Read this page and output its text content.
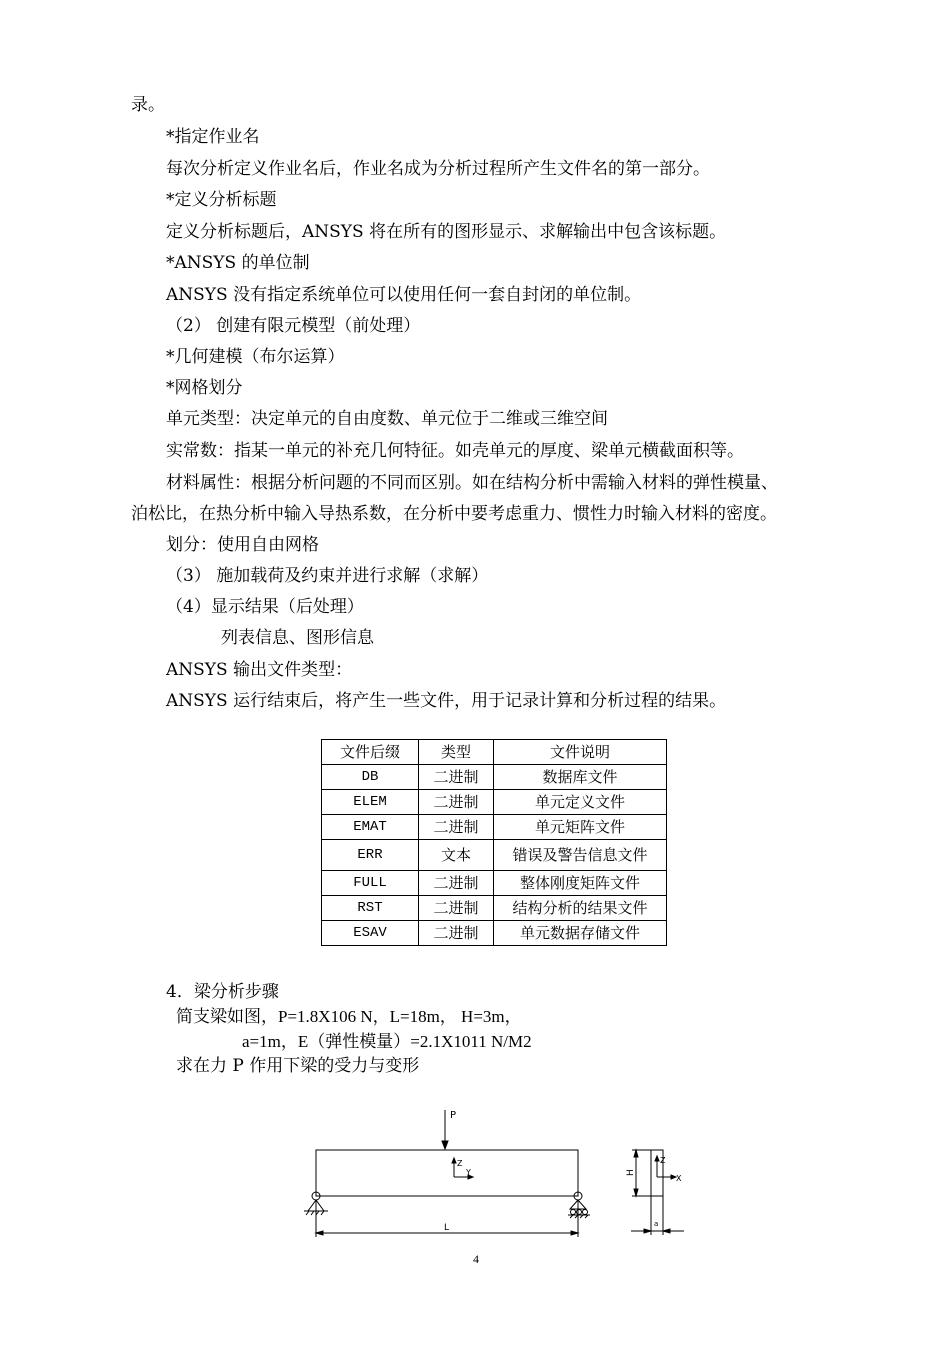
录。
*指定作业名
每次分析定义作业名后，作业名成为分析过程所产生文件名的第一部分。
*定义分析标题
定义分析标题后，ANSYS 将在所有的图形显示、求解输出中包含该标题。
*ANSYS 的单位制
ANSYS 没有指定系统单位可以使用任何一套自封闭的单位制。
（2） 创建有限元模型（前处理）
*几何建模（布尔运算）
*网格划分
单元类型：决定单元的自由度数、单元位于二维或三维空间
实常数：指某一单元的补充几何特征。如壳单元的厚度、梁单元横截面积等。
材料属性：根据分析问题的不同而区别。如在结构分析中需输入材料的弹性模量、
泊松比，在热分析中输入导热系数，在分析中要考虑重力、惯性力时输入材料的密度。
划分：使用自由网格
（3） 施加载荷及约束并进行求解（求解）
（4）显示结果（后处理）
列表信息、图形信息
ANSYS 输出文件类型：
ANSYS 运行结束后，将产生一些文件，用于记录计算和分析过程的结果。
文件后缀	类型	文件说明
DB	二进制	数据库文件
ELEM	二进制	单元定义文件
EMAT	二进制	单元矩阵文件
ERR	文本	错误及警告信息文件
FULL	二进制	整体刚度矩阵文件
RST	二进制	结构分析的结果文件
ESAV	二进制	单元数据存储文件
4．梁分析步骤
简支梁如图，P=1.8X106 N，L=18m， H=3m，
a=1m，E（弹性模量）=2.1X1011 N/M2
求在力 P 作用下梁的受力与变形
P
Z
Y
L
H
Z
X
a
4
